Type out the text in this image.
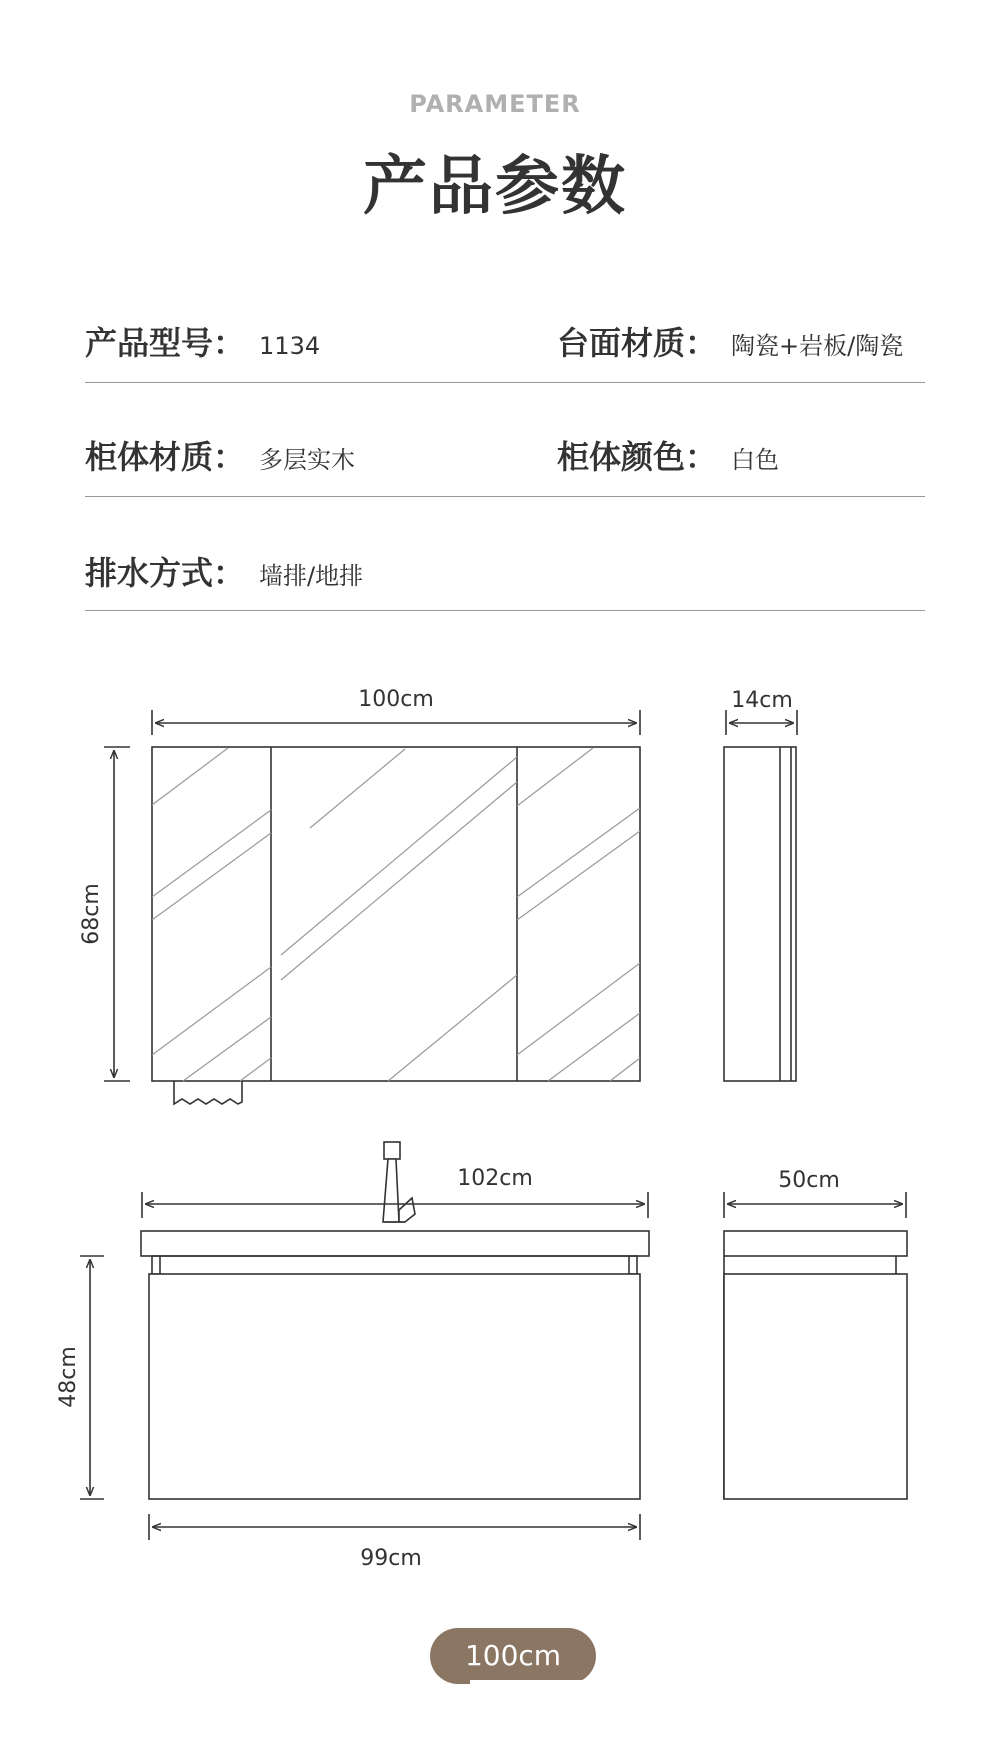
PARAMETER
产品参数
产品型号 ： 1134	台面材质 ： 陶瓷+岩板/陶瓷
柜体材质 ： 多层实木	柜体颜色 ： 白色
排水方式 ： 墙排/地排
100cm	14cm
68cm
102cm	50cm
48cm
99cm
100cm
